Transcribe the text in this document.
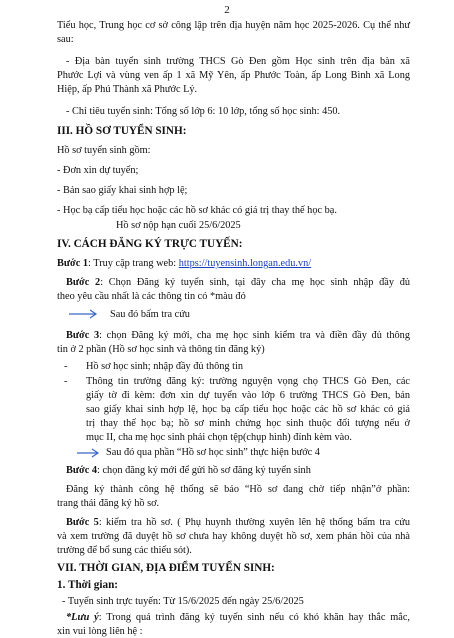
2
Tiểu học, Trung học cơ sở công lập trên địa huyện năm học 2025-2026. Cụ thể như
sau:
- Địa bàn tuyển sinh trường THCS Gò Đen gồm Học sinh trên địa bàn xã
Phước Lợi và vùng ven ấp 1 xã Mỹ Yên, ấp Phước Toàn, ấp Long Bình xã Long
Hiệp, ấp Phú Thành xã Phước Lý.
- Chỉ tiêu tuyển sinh: Tổng số lớp 6: 10 lớp, tổng số học sinh: 450.
III. HỒ SƠ TUYỂN SINH:
Hồ sơ tuyển sinh gồm:
- Đơn xin dự tuyển;
- Bản sao giấy khai sinh hợp lệ;
- Học bạ cấp tiểu học hoặc các hồ sơ khác có giá trị thay thế học bạ.
Hồ sơ nộp hạn cuối 25/6/2025
IV. CÁCH ĐĂNG KÝ TRỰC TUYẾN:
Bước 1: Truy cập trang web: https://tuyensinh.longan.edu.vn/
Bước 2: Chọn Đăng ký tuyển sinh, tại đây cha mẹ học sinh nhập đầy đủ
theo yêu cầu nhất là các thông tin có *màu đỏ
Sau đó bấm tra cứu
Bước 3: chọn Đăng ký mới, cha mẹ học sinh kiểm tra và điền đầy đủ thông
tin ở 2 phần (Hồ sơ học sinh và thông tin đăng ký)
- Hồ sơ học sinh; nhập đầy đủ thông tin
- Thông tin trường đăng ký: trường nguyện vọng chọ THCS Gò Đen, các
giấy tờ đi kèm: đơn xin dự tuyển vào lớp 6 trường THCS Gò Đen, bản
sao giấy khai sinh hợp lệ, học bạ cấp tiểu học hoặc các hồ sơ khác có giá
trị thay thế học bạ; hồ sơ minh chứng học sinh thuộc đối tượng nếu ở
mục II, cha mẹ học sinh phải chọn tệp(chụp hình) đính kèm vào.
Sau đó qua phần “Hồ sơ học sinh” thực hiện bước 4
Bước 4: chọn đăng ký mới để gửi hồ sơ đăng ký tuyển sinh
Đăng ký thành công hệ thống sẽ báo “Hồ sơ đang chờ tiếp nhận”ở phần:
trang thái đăng ký hồ sơ.
Bước 5: kiểm tra hồ sơ. ( Phụ huynh thường xuyên lên hệ thống bấm tra cứu
và xem trường đã duyệt hồ sơ chưa hay không duyệt hồ sơ, xem phản hồi của nhà
trường để bổ sung các thiếu sót).
VII. THỜI GIAN, ĐỊA ĐIỂM TUYỂN SINH:
1. Thời gian:
- Tuyển sinh trực tuyến: Từ 15/6/2025 đến ngày 25/6/2025
*Lưu ý: Trong quá trình đăng ký tuyển sinh nếu có khó khăn hay thắc mắc,
xin vui lòng liên hệ :
